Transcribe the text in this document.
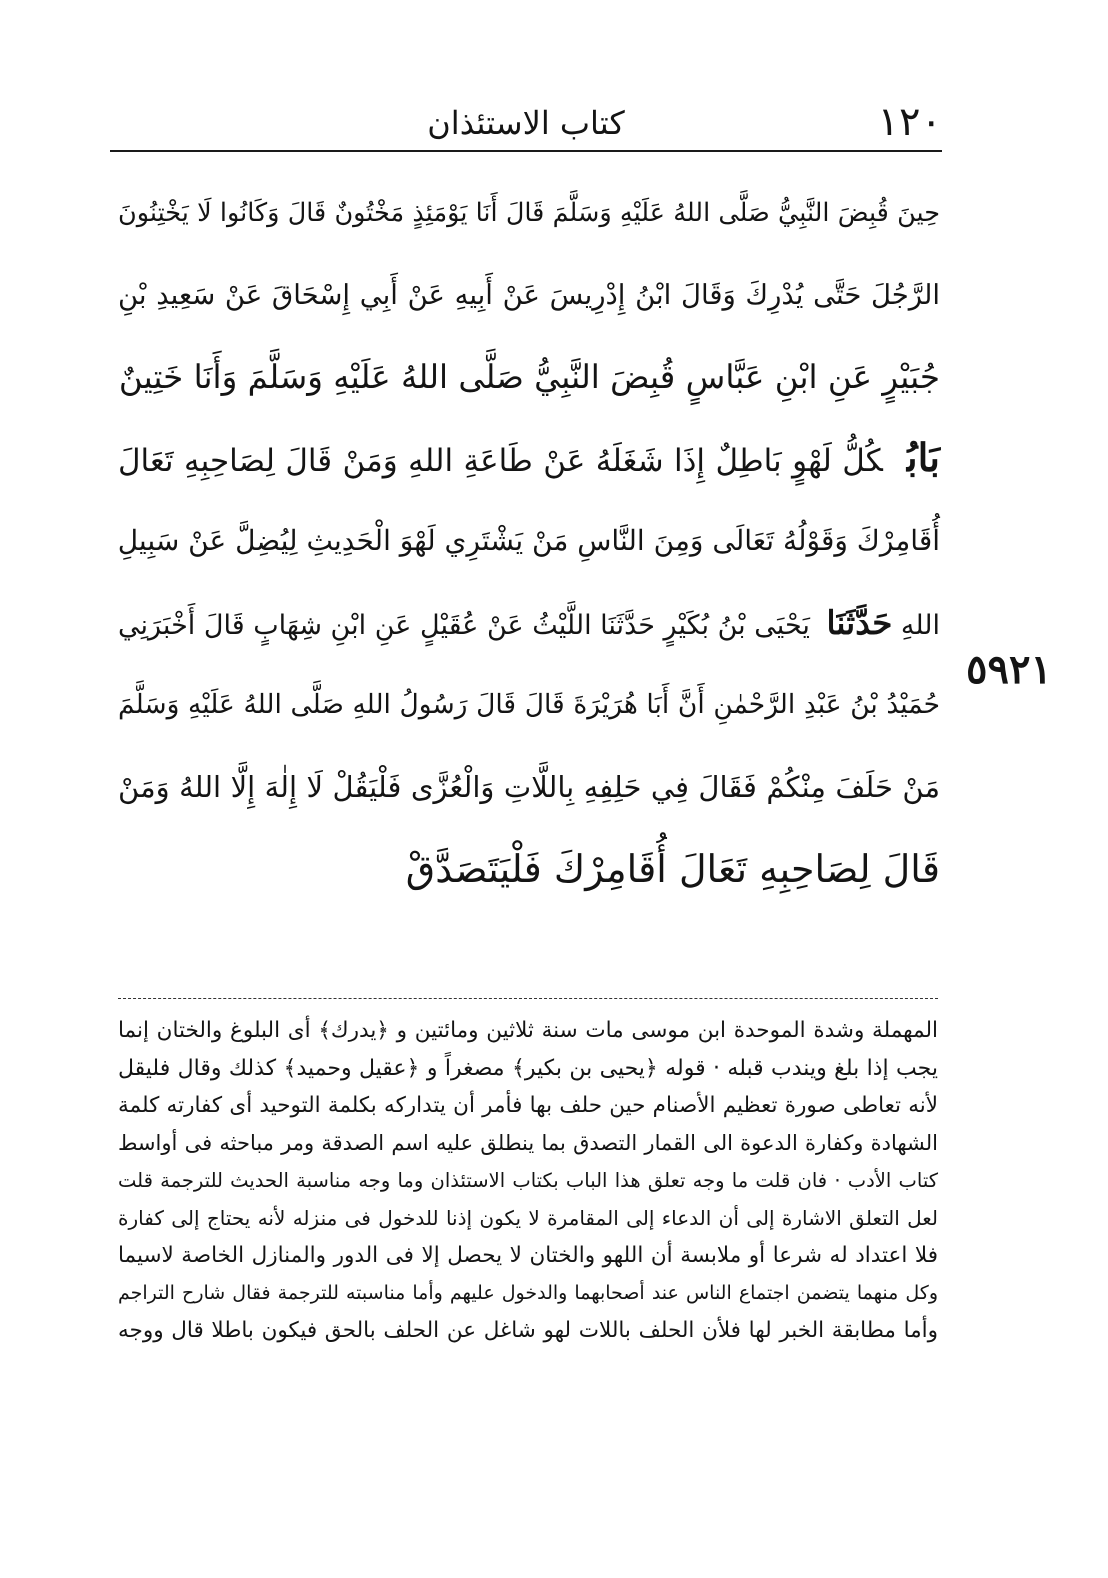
١٢٠
كتاب الاستئذان
حِينَ قُبِضَ النَّبِيُّ صَلَّى اللهُ عَلَيْهِ وَسَلَّمَ قَالَ أَنَا يَوْمَئِذٍ مَخْتُونٌ قَالَ وَكَانُوا لَا يَخْتِنُونَ
الرَّجُلَ حَتَّى يُدْرِكَ وَقَالَ ابْنُ إِدْرِيسَ عَنْ أَبِيهِ عَنْ أَبِي إِسْحَاقَ عَنْ سَعِيدِ بْنِ
جُبَيْرٍ عَنِ ابْنِ عَبَّاسٍ قُبِضَ النَّبِيُّ صَلَّى اللهُ عَلَيْهِ وَسَلَّمَ وَأَنَا خَتِينٌ
بَابُكُلُّ لَهْوٍ بَاطِلٌ إِذَا شَغَلَهُ عَنْ طَاعَةِ اللهِ وَمَنْ قَالَ لِصَاحِبِهِ تَعَالَ
أُقَامِرْكَ وَقَوْلُهُ تَعَالَى وَمِنَ النَّاسِ مَنْ يَشْتَرِي لَهْوَ الْحَدِيثِ لِيُضِلَّ عَنْ سَبِيلِ
اللهِ حَدَّثَنَا يَحْيَى بْنُ بُكَيْرٍ حَدَّثَنَا اللَّيْثُ عَنْ عُقَيْلٍ عَنِ ابْنِ شِهَابٍ قَالَ أَخْبَرَنِي
حُمَيْدُ بْنُ عَبْدِ الرَّحْمٰنِ أَنَّ أَبَا هُرَيْرَةَ قَالَ قَالَ رَسُولُ اللهِ صَلَّى اللهُ عَلَيْهِ وَسَلَّمَ
مَنْ حَلَفَ مِنْكُمْ فَقَالَ فِي حَلِفِهِ بِاللَّاتِ وَالْعُزَّى فَلْيَقُلْ لَا إِلٰهَ إِلَّا اللهُ وَمَنْ
قَالَ لِصَاحِبِهِ تَعَالَ أُقَامِرْكَ فَلْيَتَصَدَّقْ
٥٩٢١
المهملة وشدة الموحدة ابن موسى مات سنة ثلاثين ومائتين و ﴿يدرك﴾ أى البلوغ والختان إنما
يجب إذا بلغ ويندب قبله · قوله ﴿يحيى بن بكير﴾ مصغراً و ﴿عقيل وحميد﴾ كذلك وقال فليقل
لأنه تعاطى صورة تعظيم الأصنام حين حلف بها فأمر أن يتداركه بكلمة التوحيد أى كفارته كلمة
الشهادة وكفارة الدعوة الى القمار التصدق بما ينطلق عليه اسم الصدقة ومر مباحثه فى أواسط
كتاب الأدب · فان قلت ما وجه تعلق هذا الباب بكتاب الاستئذان وما وجه مناسبة الحديث للترجمة قلت
لعل التعلق الاشارة إلى أن الدعاء إلى المقامرة لا يكون إذنا للدخول فى منزله لأنه يحتاج إلى كفارة
فلا اعتداد له شرعا أو ملابسة أن اللهو والختان لا يحصل إلا فى الدور والمنازل الخاصة لاسيما
وكل منهما يتضمن اجتماع الناس عند أصحابهما والدخول عليهم وأما مناسبته للترجمة فقال شارح التراجم
وأما مطابقة الخبر لها فلأن الحلف باللات لهو شاغل عن الحلف بالحق فيكون باطلا قال ووجه
